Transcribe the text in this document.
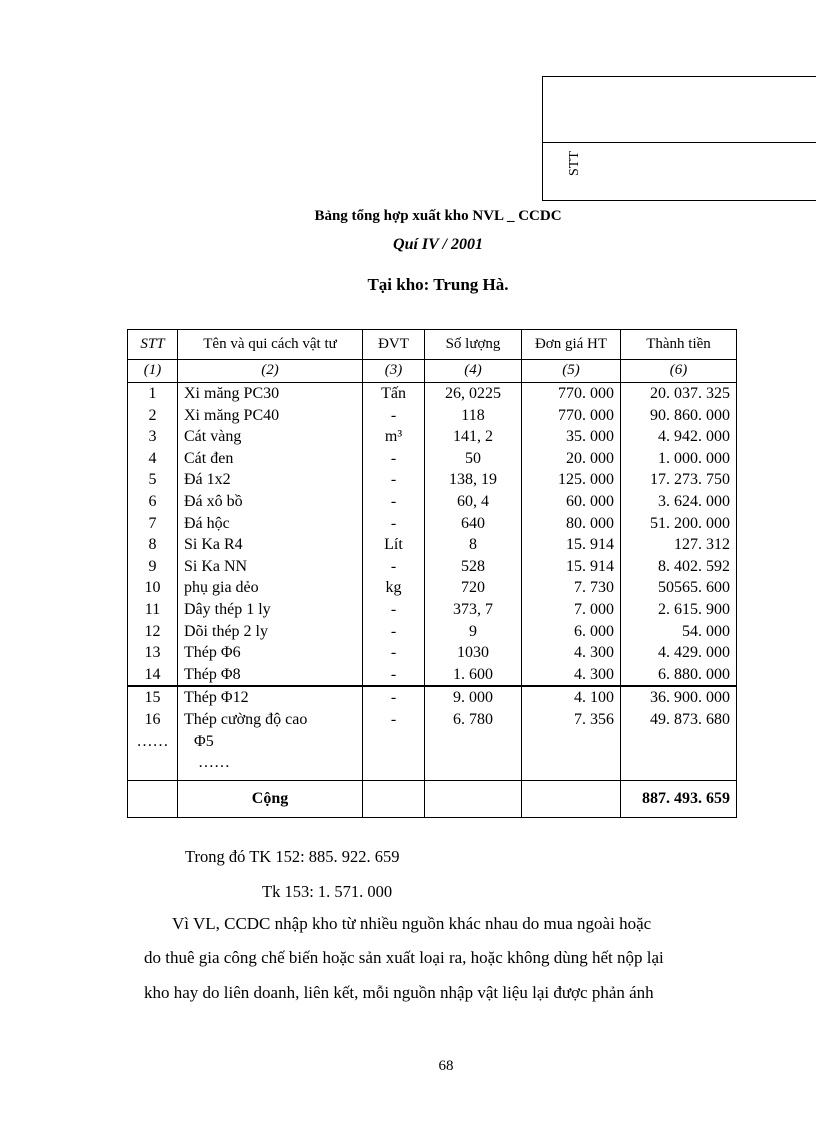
STT
Bảng tổng hợp xuất kho NVL _ CCDC
Quí IV / 2001
Tại kho: Trung Hà.
STT	Tên và qui cách vật tư	ĐVT	Số lượng	Đơn giá HT	Thành tiền
(1)	(2)	(3)	(4)	(5)	(6)
1	Xi măng PC30	Tấn	26, 0225	770. 000	20. 037. 325
2	Xi măng PC40	-	118	770. 000	90. 860. 000
3	Cát vàng	m³	141, 2	35. 000	4. 942. 000
4	Cát đen	-	50	20. 000	1. 000. 000
5	Đá 1x2	-	138, 19	125. 000	17. 273. 750
6	Đá xô bồ	-	60, 4	60. 000	3. 624. 000
7	Đá hộc	-	640	80. 000	51. 200. 000
8	Si Ka R4	Lít	8	15. 914	127. 312
9	Si Ka NN	-	528	15. 914	8. 402. 592
10	phụ gia dẻo	kg	720	7. 730	50565. 600
11	Dây thép 1 ly	-	373, 7	7. 000	2. 615. 900
12	Dõi thép 2 ly	-	9	6. 000	54. 000
13	Thép Φ6	-	1030	4. 300	4. 429. 000
14	Thép Φ8	-	1. 600	4. 300	6. 880. 000
15	Thép Φ12	-	9. 000	4. 100	36. 900. 000
16	Thép cường độ cao	-	6. 780	7. 356	49. 873. 680
……	Φ5				
	……				
	Cộng				887. 493. 659
Trong đó TK 152: 885. 922. 659
Tk 153: 1. 571. 000
Vì VL, CCDC nhập kho từ nhiều nguồn khác nhau do mua ngoài hoặc
do thuê gia công chế biến hoặc sản xuất loại ra, hoặc không dùng hết nộp lại
kho hay do liên doanh, liên kết, mỗi nguồn nhập vật liệu lại được phản ánh
68
